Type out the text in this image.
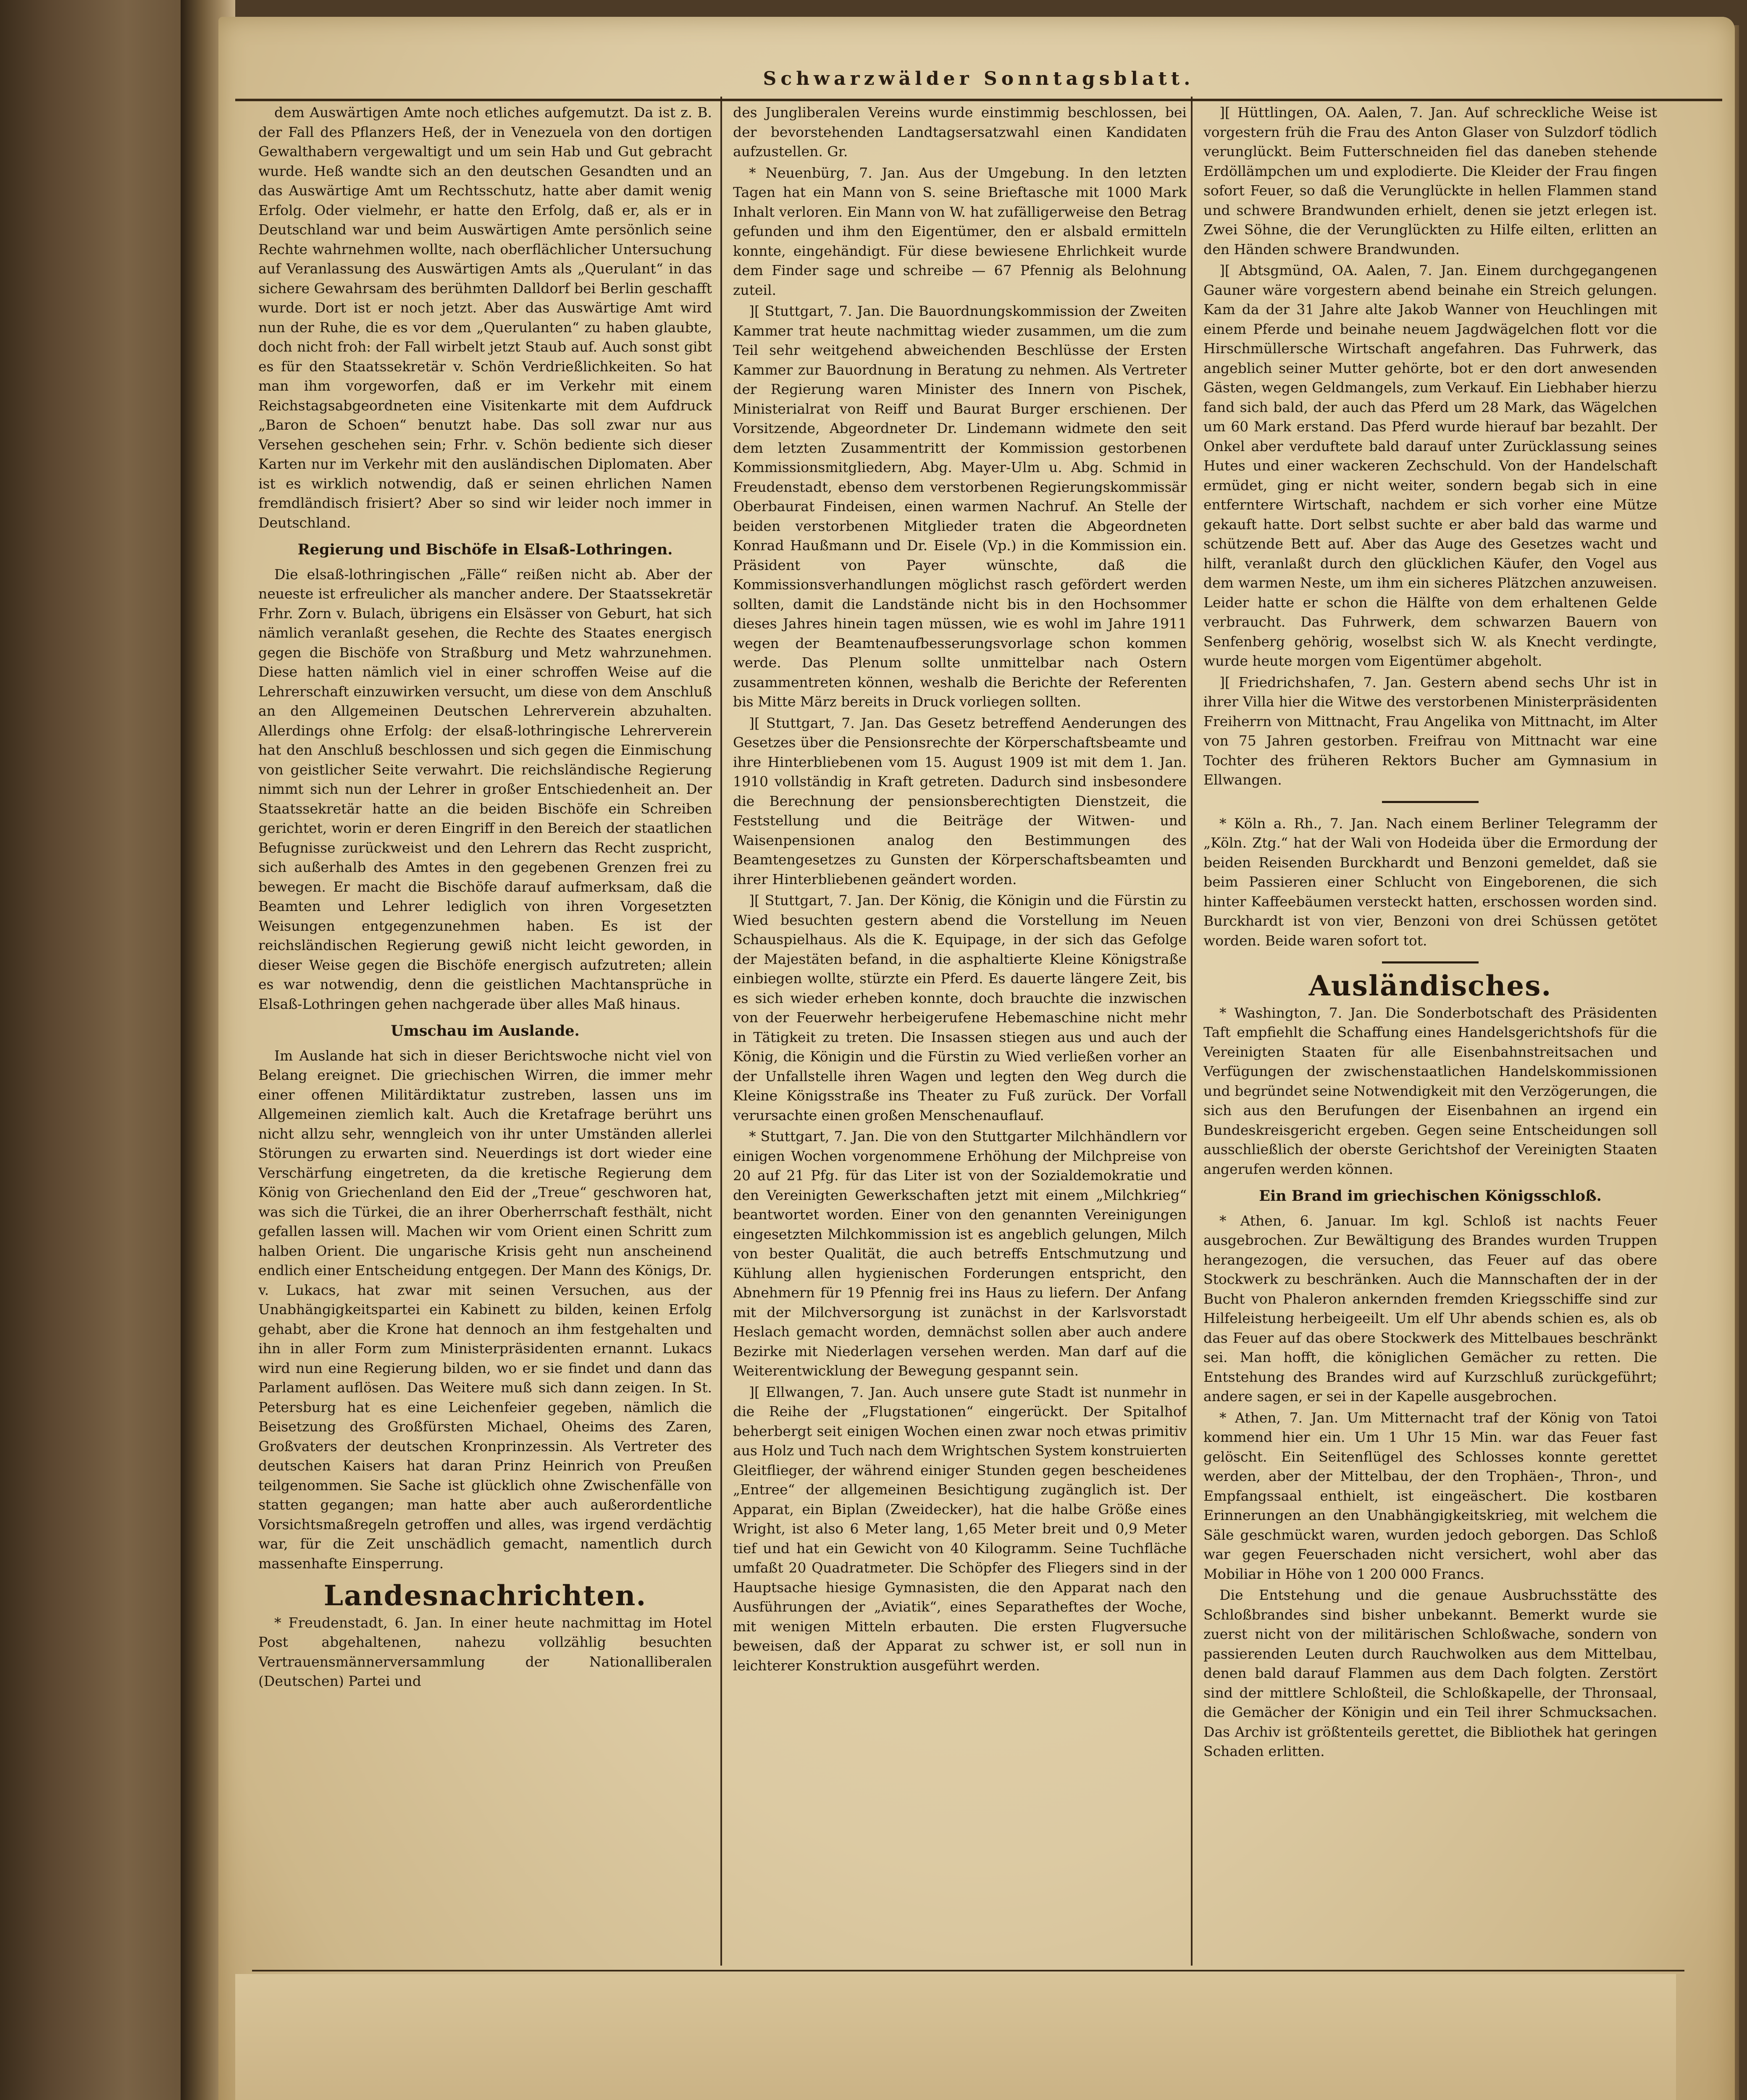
Schwarzwälder Sonntagsblatt.

dem Auswärtigen Amte noch etliches aufgemutzt. Da ist z. B. der Fall des Pflanzers Heß, der in Venezuela von den dortigen Gewalthabern vergewaltigt und um sein Hab und Gut gebracht wurde. Heß wandte sich an den deutschen Gesandten und an das Auswärtige Amt um Rechtsschutz, hatte aber damit wenig Erfolg. Oder vielmehr, er hatte den Erfolg, daß er, als er in Deutschland war und beim Auswärtigen Amte persönlich seine Rechte wahrnehmen wollte, nach oberflächlicher Untersuchung auf Veranlassung des Auswärtigen Amts als „Querulant“ in das sichere Gewahrsam des berühmten Dalldorf bei Berlin geschafft wurde. Dort ist er noch jetzt. Aber das Auswärtige Amt wird nun der Ruhe, die es vor dem „Querulanten“ zu haben glaubte, doch nicht froh: der Fall wirbelt jetzt Staub auf. Auch sonst gibt es für den Staatssekretär v. Schön Verdrießlichkeiten. So hat man ihm vorgeworfen, daß er im Verkehr mit einem Reichstagsabgeordneten eine Visitenkarte mit dem Aufdruck „Baron de Schoen“ benutzt habe. Das soll zwar nur aus Versehen geschehen sein; Frhr. v. Schön bediente sich dieser Karten nur im Verkehr mit den ausländischen Diplomaten. Aber ist es wirklich notwendig, daß er seinen ehrlichen Namen fremdländisch frisiert? Aber so sind wir leider noch immer in Deutschland.

Regierung und Bischöfe in Elsaß-Lothringen.

Die elsaß-lothringischen „Fälle“ reißen nicht ab. Aber der neueste ist erfreulicher als mancher andere. Der Staatssekretär Frhr. Zorn v. Bulach, übrigens ein Elsässer von Geburt, hat sich nämlich veranlaßt gesehen, die Rechte des Staates energisch gegen die Bischöfe von Straßburg und Metz wahrzunehmen. Diese hatten nämlich viel in einer schroffen Weise auf die Lehrerschaft einzuwirken versucht, um diese von dem Anschluß an den Allgemeinen Deutschen Lehrerverein abzuhalten. Allerdings ohne Erfolg: der elsaß-lothringische Lehrerverein hat den Anschluß beschlossen und sich gegen die Einmischung von geistlicher Seite verwahrt. Die reichsländische Regierung nimmt sich nun der Lehrer in großer Entschiedenheit an. Der Staatssekretär hatte an die beiden Bischöfe ein Schreiben gerichtet, worin er deren Eingriff in den Bereich der staatlichen Befugnisse zurückweist und den Lehrern das Recht zuspricht, sich außerhalb des Amtes in den gegebenen Grenzen frei zu bewegen. Er macht die Bischöfe darauf aufmerksam, daß die Beamten und Lehrer lediglich von ihren Vorgesetzten Weisungen entgegenzunehmen haben. Es ist der reichsländischen Regierung gewiß nicht leicht geworden, in dieser Weise gegen die Bischöfe energisch aufzutreten; allein es war notwendig, denn die geistlichen Machtansprüche in Elsaß-Lothringen gehen nachgerade über alles Maß hinaus.

Umschau im Auslande.

Im Auslande hat sich in dieser Berichtswoche nicht viel von Belang ereignet. Die griechischen Wirren, die immer mehr einer offenen Militärdiktatur zustreben, lassen uns im Allgemeinen ziemlich kalt. Auch die Kretafrage berührt uns nicht allzu sehr, wenngleich von ihr unter Umständen allerlei Störungen zu erwarten sind. Neuerdings ist dort wieder eine Verschärfung eingetreten, da die kretische Regierung dem König von Griechenland den Eid der „Treue“ geschworen hat, was sich die Türkei, die an ihrer Oberherrschaft festhält, nicht gefallen lassen will. Machen wir vom Orient einen Schritt zum halben Orient. Die ungarische Krisis geht nun anscheinend endlich einer Entscheidung entgegen. Der Mann des Königs, Dr. v. Lukacs, hat zwar mit seinen Versuchen, aus der Unabhängigkeitspartei ein Kabinett zu bilden, keinen Erfolg gehabt, aber die Krone hat dennoch an ihm festgehalten und ihn in aller Form zum Ministerpräsidenten ernannt. Lukacs wird nun eine Regierung bilden, wo er sie findet und dann das Parlament auflösen. Das Weitere muß sich dann zeigen. In St. Petersburg hat es eine Leichenfeier gegeben, nämlich die Beisetzung des Großfürsten Michael, Oheims des Zaren, Großvaters der deutschen Kronprinzessin. Als Vertreter des deutschen Kaisers hat daran Prinz Heinrich von Preußen teilgenommen. Sie Sache ist glücklich ohne Zwischenfälle von statten gegangen; man hatte aber auch außerordentliche Vorsichtsmaßregeln getroffen und alles, was irgend verdächtig war, für die Zeit unschädlich gemacht, namentlich durch massenhafte Einsperrung.

Landesnachrichten.

* Freudenstadt, 6. Jan. In einer heute nachmittag im Hotel Post abgehaltenen, nahezu vollzählig besuchten Vertrauensmännerversammlung der Nationalliberalen (Deutschen) Partei und

des Jungliberalen Vereins wurde einstimmig beschlossen, bei der bevorstehenden Landtagsersatzwahl einen Kandidaten aufzustellen. Gr.

* Neuenbürg, 7. Jan. Aus der Umgebung. In den letzten Tagen hat ein Mann von S. seine Brieftasche mit 1000 Mark Inhalt verloren. Ein Mann von W. hat zufälligerweise den Betrag gefunden und ihm den Eigentümer, den er alsbald ermitteln konnte, eingehändigt. Für diese bewiesene Ehrlichkeit wurde dem Finder sage und schreibe — 67 Pfennig als Belohnung zuteil.

][ Stuttgart, 7. Jan. Die Bauordnungskommission der Zweiten Kammer trat heute nachmittag wieder zusammen, um die zum Teil sehr weitgehend abweichenden Beschlüsse der Ersten Kammer zur Bauordnung in Beratung zu nehmen. Als Vertreter der Regierung waren Minister des Innern von Pischek, Ministerialrat von Reiff und Baurat Burger erschienen. Der Vorsitzende, Abgeordneter Dr. Lindemann widmete den seit dem letzten Zusammentritt der Kommission gestorbenen Kommissionsmitgliedern, Abg. Mayer-Ulm u. Abg. Schmid in Freudenstadt, ebenso dem verstorbenen Regierungskommissär Oberbaurat Findeisen, einen warmen Nachruf. An Stelle der beiden verstorbenen Mitglieder traten die Abgeordneten Konrad Haußmann und Dr. Eisele (Vp.) in die Kommission ein. Präsident von Payer wünschte, daß die Kommissionsverhandlungen möglichst rasch gefördert werden sollten, damit die Landstände nicht bis in den Hochsommer dieses Jahres hinein tagen müssen, wie es wohl im Jahre 1911 wegen der Beamtenaufbesserungsvorlage schon kommen werde. Das Plenum sollte unmittelbar nach Ostern zusammentreten können, weshalb die Berichte der Referenten bis Mitte März bereits in Druck vorliegen sollten.

][ Stuttgart, 7. Jan. Das Gesetz betreffend Aenderungen des Gesetzes über die Pensionsrechte der Körperschaftsbeamte und ihre Hinterbliebenen vom 15. August 1909 ist mit dem 1. Jan. 1910 vollständig in Kraft getreten. Dadurch sind insbesondere die Berechnung der pensionsberechtigten Dienstzeit, die Feststellung und die Beiträge der Witwen- und Waisenpensionen analog den Bestimmungen des Beamtengesetzes zu Gunsten der Körperschaftsbeamten und ihrer Hinterbliebenen geändert worden.

][ Stuttgart, 7. Jan. Der König, die Königin und die Fürstin zu Wied besuchten gestern abend die Vorstellung im Neuen Schauspielhaus. Als die K. Equipage, in der sich das Gefolge der Majestäten befand, in die asphaltierte Kleine Königstraße einbiegen wollte, stürzte ein Pferd. Es dauerte längere Zeit, bis es sich wieder erheben konnte, doch brauchte die inzwischen von der Feuerwehr herbeigerufene Hebemaschine nicht mehr in Tätigkeit zu treten. Die Insassen stiegen aus und auch der König, die Königin und die Fürstin zu Wied verließen vorher an der Unfallstelle ihren Wagen und legten den Weg durch die Kleine Königsstraße ins Theater zu Fuß zurück. Der Vorfall verursachte einen großen Menschenauflauf.

* Stuttgart, 7. Jan. Die von den Stuttgarter Milchhändlern vor einigen Wochen vorgenommene Erhöhung der Milchpreise von 20 auf 21 Pfg. für das Liter ist von der Sozialdemokratie und den Vereinigten Gewerkschaften jetzt mit einem „Milchkrieg“ beantwortet worden. Einer von den genannten Vereinigungen eingesetzten Milchkommission ist es angeblich gelungen, Milch von bester Qualität, die auch betreffs Entschmutzung und Kühlung allen hygienischen Forderungen entspricht, den Abnehmern für 19 Pfennig frei ins Haus zu liefern. Der Anfang mit der Milchversorgung ist zunächst in der Karlsvorstadt Heslach gemacht worden, demnächst sollen aber auch andere Bezirke mit Niederlagen versehen werden. Man darf auf die Weiterentwicklung der Bewegung gespannt sein.

][ Ellwangen, 7. Jan. Auch unsere gute Stadt ist nunmehr in die Reihe der „Flugstationen“ eingerückt. Der Spitalhof beherbergt seit einigen Wochen einen zwar noch etwas primitiv aus Holz und Tuch nach dem Wrightschen System konstruierten Gleitflieger, der während einiger Stunden gegen bescheidenes „Entree“ der allgemeinen Besichtigung zugänglich ist. Der Apparat, ein Biplan (Zweidecker), hat die halbe Größe eines Wright, ist also 6 Meter lang, 1,65 Meter breit und 0,9 Meter tief und hat ein Gewicht von 40 Kilogramm. Seine Tuchfläche umfaßt 20 Quadratmeter. Die Schöpfer des Fliegers sind in der Hauptsache hiesige Gymnasisten, die den Apparat nach den Ausführungen der „Aviatik“, eines Separatheftes der Woche, mit wenigen Mitteln erbauten. Die ersten Flugversuche beweisen, daß der Apparat zu schwer ist, er soll nun in leichterer Konstruktion ausgeführt werden.

][ Hüttlingen, OA. Aalen, 7. Jan. Auf schreckliche Weise ist vorgestern früh die Frau des Anton Glaser von Sulzdorf tödlich verunglückt. Beim Futterschneiden fiel das daneben stehende Erdöllämpchen um und explodierte. Die Kleider der Frau fingen sofort Feuer, so daß die Verunglückte in hellen Flammen stand und schwere Brandwunden erhielt, denen sie jetzt erlegen ist. Zwei Söhne, die der Verunglückten zu Hilfe eilten, erlitten an den Händen schwere Brandwunden.

][ Abtsgmünd, OA. Aalen, 7. Jan. Einem durchgegangenen Gauner wäre vorgestern abend beinahe ein Streich gelungen. Kam da der 31 Jahre alte Jakob Wanner von Heuchlingen mit einem Pferde und beinahe neuem Jagdwägelchen flott vor die Hirschmüllersche Wirtschaft angefahren. Das Fuhrwerk, das angeblich seiner Mutter gehörte, bot er den dort anwesenden Gästen, wegen Geldmangels, zum Verkauf. Ein Liebhaber hierzu fand sich bald, der auch das Pferd um 28 Mark, das Wägelchen um 60 Mark erstand. Das Pferd wurde hierauf bar bezahlt. Der Onkel aber verduftete bald darauf unter Zurücklassung seines Hutes und einer wackeren Zechschuld. Von der Handelschaft ermüdet, ging er nicht weiter, sondern begab sich in eine entferntere Wirtschaft, nachdem er sich vorher eine Mütze gekauft hatte. Dort selbst suchte er aber bald das warme und schützende Bett auf. Aber das Auge des Gesetzes wacht und hilft, veranlaßt durch den glücklichen Käufer, den Vogel aus dem warmen Neste, um ihm ein sicheres Plätzchen anzuweisen. Leider hatte er schon die Hälfte von dem erhaltenen Gelde verbraucht. Das Fuhrwerk, dem schwarzen Bauern von Senfenberg gehörig, woselbst sich W. als Knecht verdingte, wurde heute morgen vom Eigentümer abgeholt.

][ Friedrichshafen, 7. Jan. Gestern abend sechs Uhr ist in ihrer Villa hier die Witwe des verstorbenen Ministerpräsidenten Freiherrn von Mittnacht, Frau Angelika von Mittnacht, im Alter von 75 Jahren gestorben. Freifrau von Mittnacht war eine Tochter des früheren Rektors Bucher am Gymnasium in Ellwangen.

* Köln a. Rh., 7. Jan. Nach einem Berliner Telegramm der „Köln. Ztg.“ hat der Wali von Hodeida über die Ermordung der beiden Reisenden Burckhardt und Benzoni gemeldet, daß sie beim Passieren einer Schlucht von Eingeborenen, die sich hinter Kaffeebäumen versteckt hatten, erschossen worden sind. Burckhardt ist von vier, Benzoni von drei Schüssen getötet worden. Beide waren sofort tot.

Ausländisches.

* Washington, 7. Jan. Die Sonderbotschaft des Präsidenten Taft empfiehlt die Schaffung eines Handelsgerichtshofs für die Vereinigten Staaten für alle Eisenbahnstreitsachen und Verfügungen der zwischenstaatlichen Handelskommissionen und begründet seine Notwendigkeit mit den Verzögerungen, die sich aus den Berufungen der Eisenbahnen an irgend ein Bundeskreisgericht ergeben. Gegen seine Entscheidungen soll ausschließlich der oberste Gerichtshof der Vereinigten Staaten angerufen werden können.

Ein Brand im griechischen Königsschloß.

* Athen, 6. Januar. Im kgl. Schloß ist nachts Feuer ausgebrochen. Zur Bewältigung des Brandes wurden Truppen herangezogen, die versuchen, das Feuer auf das obere Stockwerk zu beschränken. Auch die Mannschaften der in der Bucht von Phaleron ankernden fremden Kriegsschiffe sind zur Hilfeleistung herbeigeeilt. Um elf Uhr abends schien es, als ob das Feuer auf das obere Stockwerk des Mittelbaues beschränkt sei. Man hofft, die königlichen Gemächer zu retten. Die Entstehung des Brandes wird auf Kurzschluß zurückgeführt; andere sagen, er sei in der Kapelle ausgebrochen.

* Athen, 7. Jan. Um Mitternacht traf der König von Tatoi kommend hier ein. Um 1 Uhr 15 Min. war das Feuer fast gelöscht. Ein Seitenflügel des Schlosses konnte gerettet werden, aber der Mittelbau, der den Trophäen-, Thron-, und Empfangssaal enthielt, ist eingeäschert. Die kostbaren Erinnerungen an den Unabhängigkeitskrieg, mit welchem die Säle geschmückt waren, wurden jedoch geborgen. Das Schloß war gegen Feuerschaden nicht versichert, wohl aber das Mobiliar in Höhe von 1 200 000 Francs.

Die Entstehung und die genaue Ausbruchsstätte des Schloßbrandes sind bisher unbekannt. Bemerkt wurde sie zuerst nicht von der militärischen Schloßwache, sondern von passierenden Leuten durch Rauchwolken aus dem Mittelbau, denen bald darauf Flammen aus dem Dach folgten. Zerstört sind der mittlere Schloßteil, die Schloßkapelle, der Thronsaal, die Gemächer der Königin und ein Teil ihrer Schmucksachen. Das Archiv ist größtenteils gerettet, die Bibliothek hat geringen Schaden erlitten.
